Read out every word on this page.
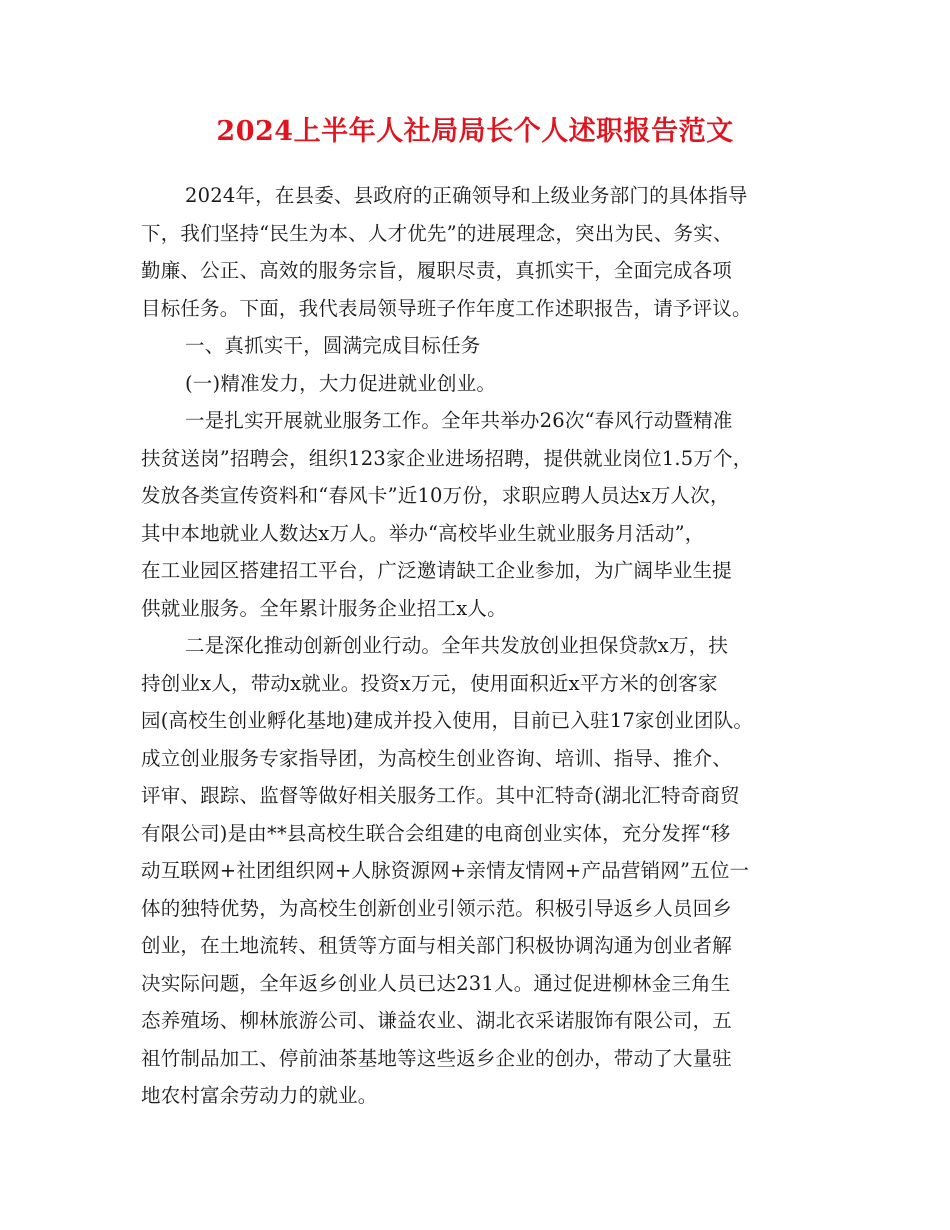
2024上半年人社局局长个人述职报告范文
2024年，在县委、县政府的正确领导和上级业务部门的具体指导
下，我们坚持“民生为本、人才优先”的进展理念，突出为民、务实、
勤廉、公正、高效的服务宗旨，履职尽责，真抓实干，全面完成各项
目标任务。下面，我代表局领导班子作年度工作述职报告，请予评议。
一、真抓实干，圆满完成目标任务
(一)精准发力，大力促进就业创业。
一是扎实开展就业服务工作。全年共举办26次“春风行动暨精准
扶贫送岗”招聘会，组织123家企业进场招聘，提供就业岗位1.5万个，
发放各类宣传资料和“春风卡”近10万份，求职应聘人员达x万人次，
其中本地就业人数达x万人。举办“高校毕业生就业服务月活动”，
在工业园区搭建招工平台，广泛邀请缺工企业参加，为广阔毕业生提
供就业服务。全年累计服务企业招工x人。
二是深化推动创新创业行动。全年共发放创业担保贷款x万，扶
持创业x人，带动x就业。投资x万元，使用面积近x平方米的创客家
园(高校生创业孵化基地)建成并投入使用，目前已入驻17家创业团队。
成立创业服务专家指导团，为高校生创业咨询、培训、指导、推介、
评审、跟踪、监督等做好相关服务工作。其中汇特奇(湖北汇特奇商贸
有限公司)是由**县高校生联合会组建的电商创业实体，充分发挥“移
动互联网+社团组织网+人脉资源网+亲情友情网+产品营销网”五位一
体的独特优势，为高校生创新创业引领示范。积极引导返乡人员回乡
创业，在土地流转、租赁等方面与相关部门积极协调沟通为创业者解
决实际问题，全年返乡创业人员已达231人。通过促进柳林金三角生
态养殖场、柳林旅游公司、谦益农业、湖北衣采诺服饰有限公司，五
祖竹制品加工、停前油茶基地等这些返乡企业的创办，带动了大量驻
地农村富余劳动力的就业。
